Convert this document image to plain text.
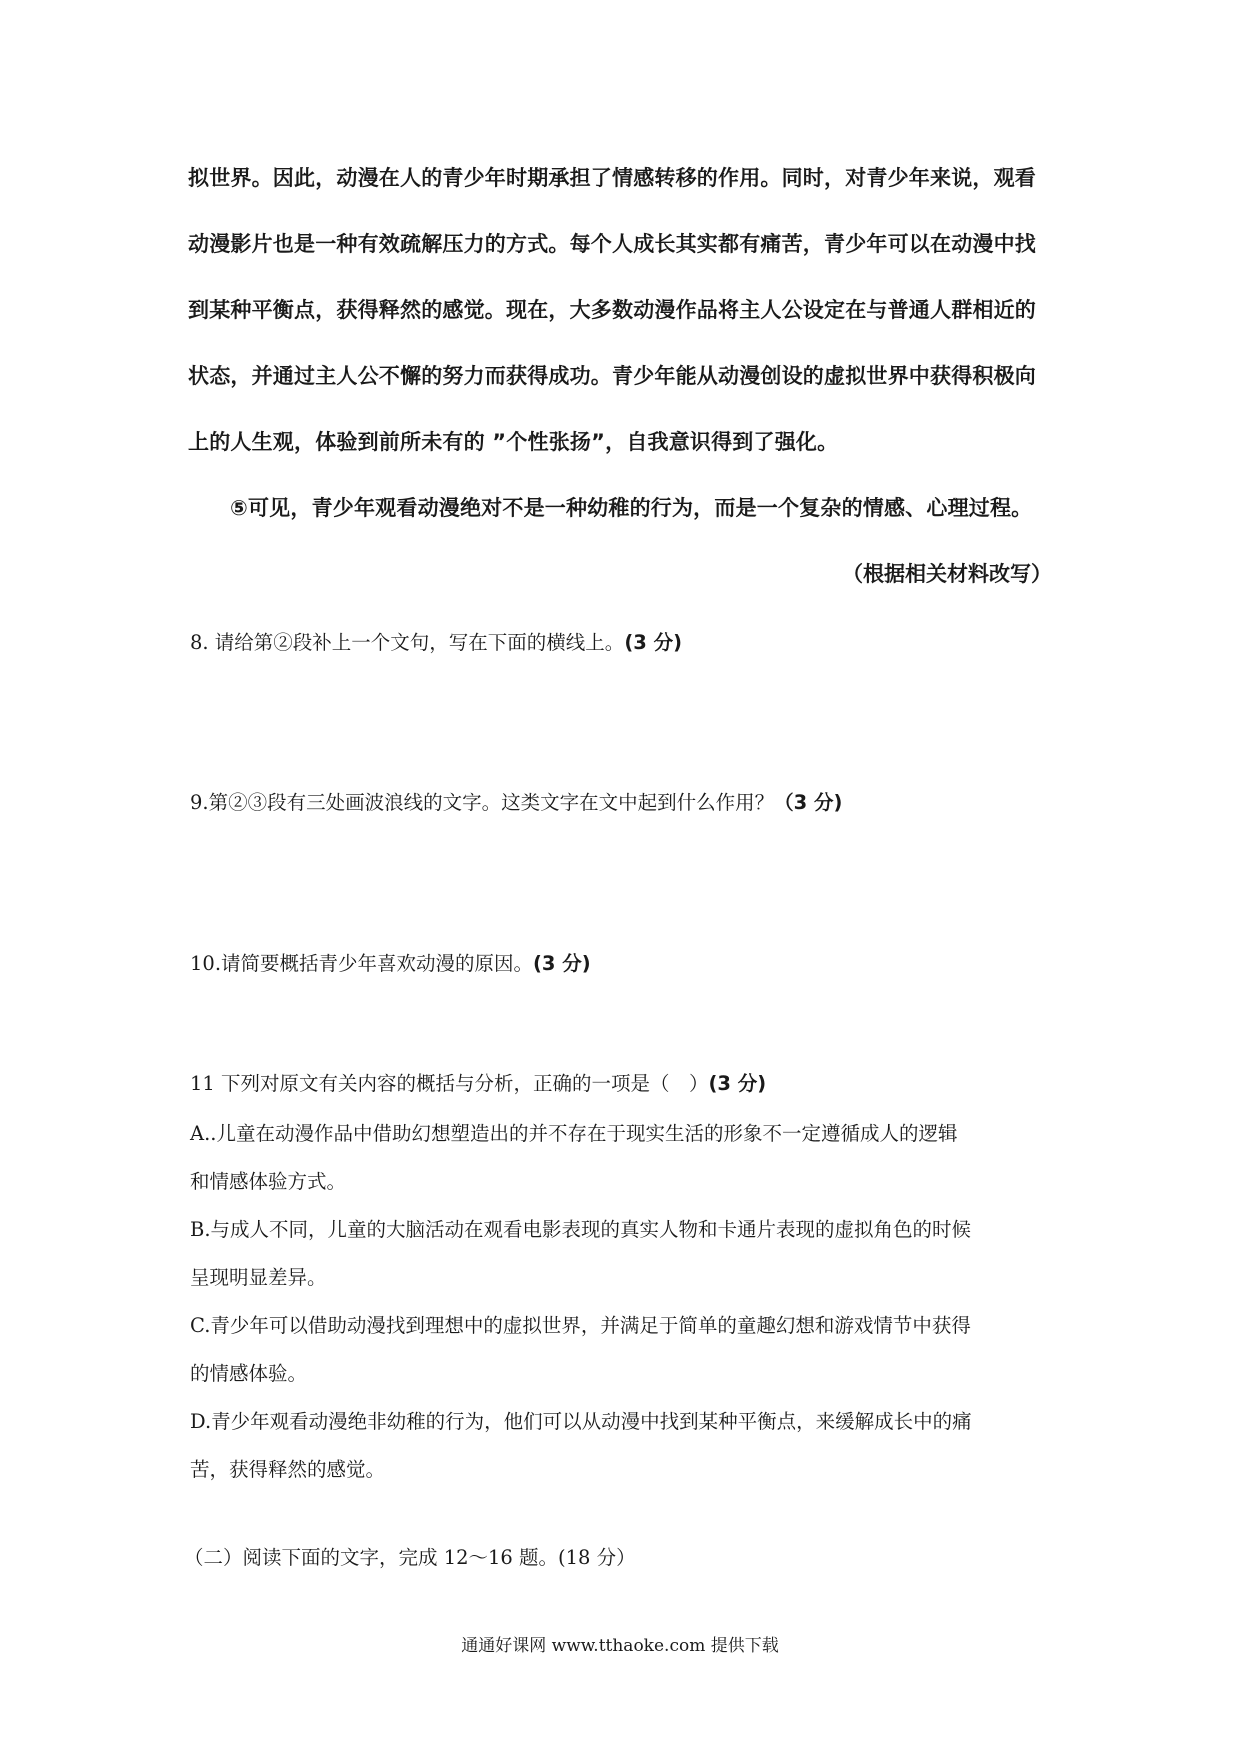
拟世界。因此，动漫在人的青少年时期承担了情感转移的作用。同时，对青少年来说，观看
动漫影片也是一种有效疏解压力的方式。每个人成长其实都有痛苦，青少年可以在动漫中找
到某种平衡点，获得释然的感觉。现在，大多数动漫作品将主人公设定在与普通人群相近的
状态，并通过主人公不懈的努力而获得成功。青少年能从动漫创设的虚拟世界中获得积极向
上的人生观，体验到前所未有的 ”个性张扬”，自我意识得到了强化。
⑤可见，青少年观看动漫绝对不是一种幼稚的行为，而是一个复杂的情感、心理过程。
（根据相关材料改写）
8. 请给第②段补上一个文句，写在下面的横线上。(3 分)
9.第②③段有三处画波浪线的文字。这类文字在文中起到什么作用？（3 分)
10.请简要概括青少年喜欢动漫的原因。(3 分)
11 下列对原文有关内容的概括与分析，正确的一项是（　）(3 分)
A..儿童在动漫作品中借助幻想塑造出的并不存在于现实生活的形象不一定遵循成人的逻辑
和情感体验方式。
B.与成人不同，儿童的大脑活动在观看电影表现的真实人物和卡通片表现的虚拟角色的时候
呈现明显差异。
C.青少年可以借助动漫找到理想中的虚拟世界，并满足于简单的童趣幻想和游戏情节中获得
的情感体验。
D.青少年观看动漫绝非幼稚的行为，他们可以从动漫中找到某种平衡点，来缓解成长中的痛
苦，获得释然的感觉。
（二）阅读下面的文字，完成 12～16 题。(18 分）
通通好课网 www.tthaoke.com 提供下载
